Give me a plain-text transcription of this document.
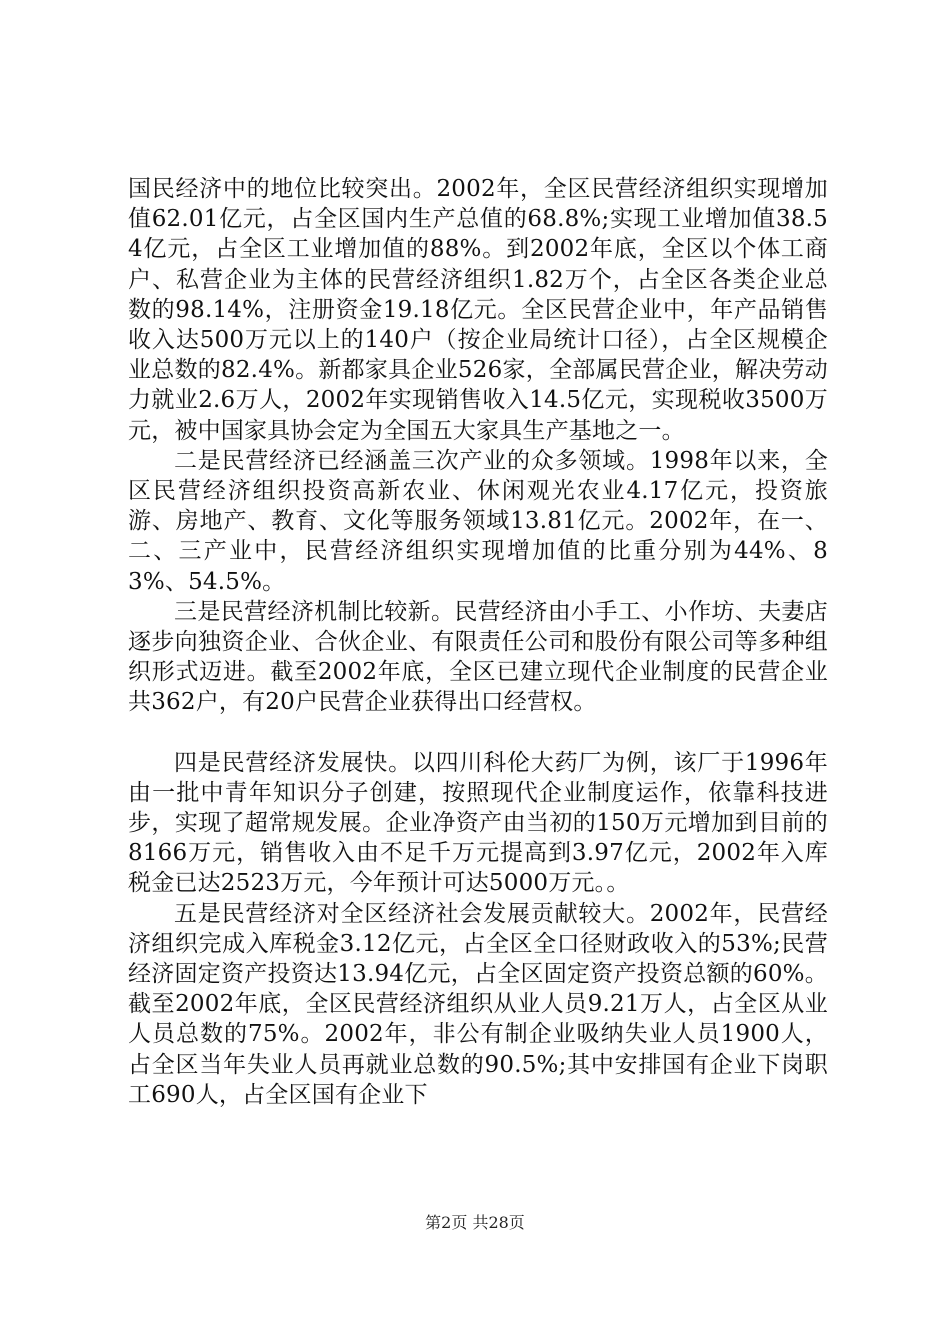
国民经济中的地位比较突出。2002年，全区民营经济组织实现增加值62.01亿元，占全区国内生产总值的68.8%;实现工业增加值38.54亿元，占全区工业增加值的88%。到2002年底，全区以个体工商户、私营企业为主体的民营经济组织1.82万个，占全区各类企业总数的98.14%，注册资金19.18亿元。全区民营企业中，年产品销售收入达500万元以上的140户（按企业局统计口径），占全区规模企业总数的82.4%。新都家具企业526家，全部属民营企业，解决劳动力就业2.6万人，2002年实现销售收入14.5亿元，实现税收3500万元，被中国家具协会定为全国五大家具生产基地之一。

二是民营经济已经涵盖三次产业的众多领域。1998年以来，全区民营经济组织投资高新农业、休闲观光农业4.17亿元，投资旅游、房地产、教育、文化等服务领域13.81亿元。2002年，在一、二、三产业中，民营经济组织实现增加值的比重分别为44%、83%、54.5%。

三是民营经济机制比较新。民营经济由小手工、小作坊、夫妻店逐步向独资企业、合伙企业、有限责任公司和股份有限公司等多种组织形式迈进。截至2002年底，全区已建立现代企业制度的民营企业共362户，有20户民营企业获得出口经营权。

四是民营经济发展快。以四川科伦大药厂为例，该厂于1996年由一批中青年知识分子创建，按照现代企业制度运作，依靠科技进步，实现了超常规发展。企业净资产由当初的150万元增加到目前的8166万元，销售收入由不足千万元提高到3.97亿元，2002年入库税金已达2523万元，今年预计可达5000万元。。

五是民营经济对全区经济社会发展贡献较大。2002年，民营经济组织完成入库税金3.12亿元，占全区全口径财政收入的53%;民营经济固定资产投资达13.94亿元，占全区固定资产投资总额的60%。截至2002年底，全区民营经济组织从业人员9.21万人，占全区从业人员总数的75%。2002年，非公有制企业吸纳失业人员1900人，占全区当年失业人员再就业总数的90.5%;其中安排国有企业下岗职工690人，占全区国有企业下

第2页 共28页
